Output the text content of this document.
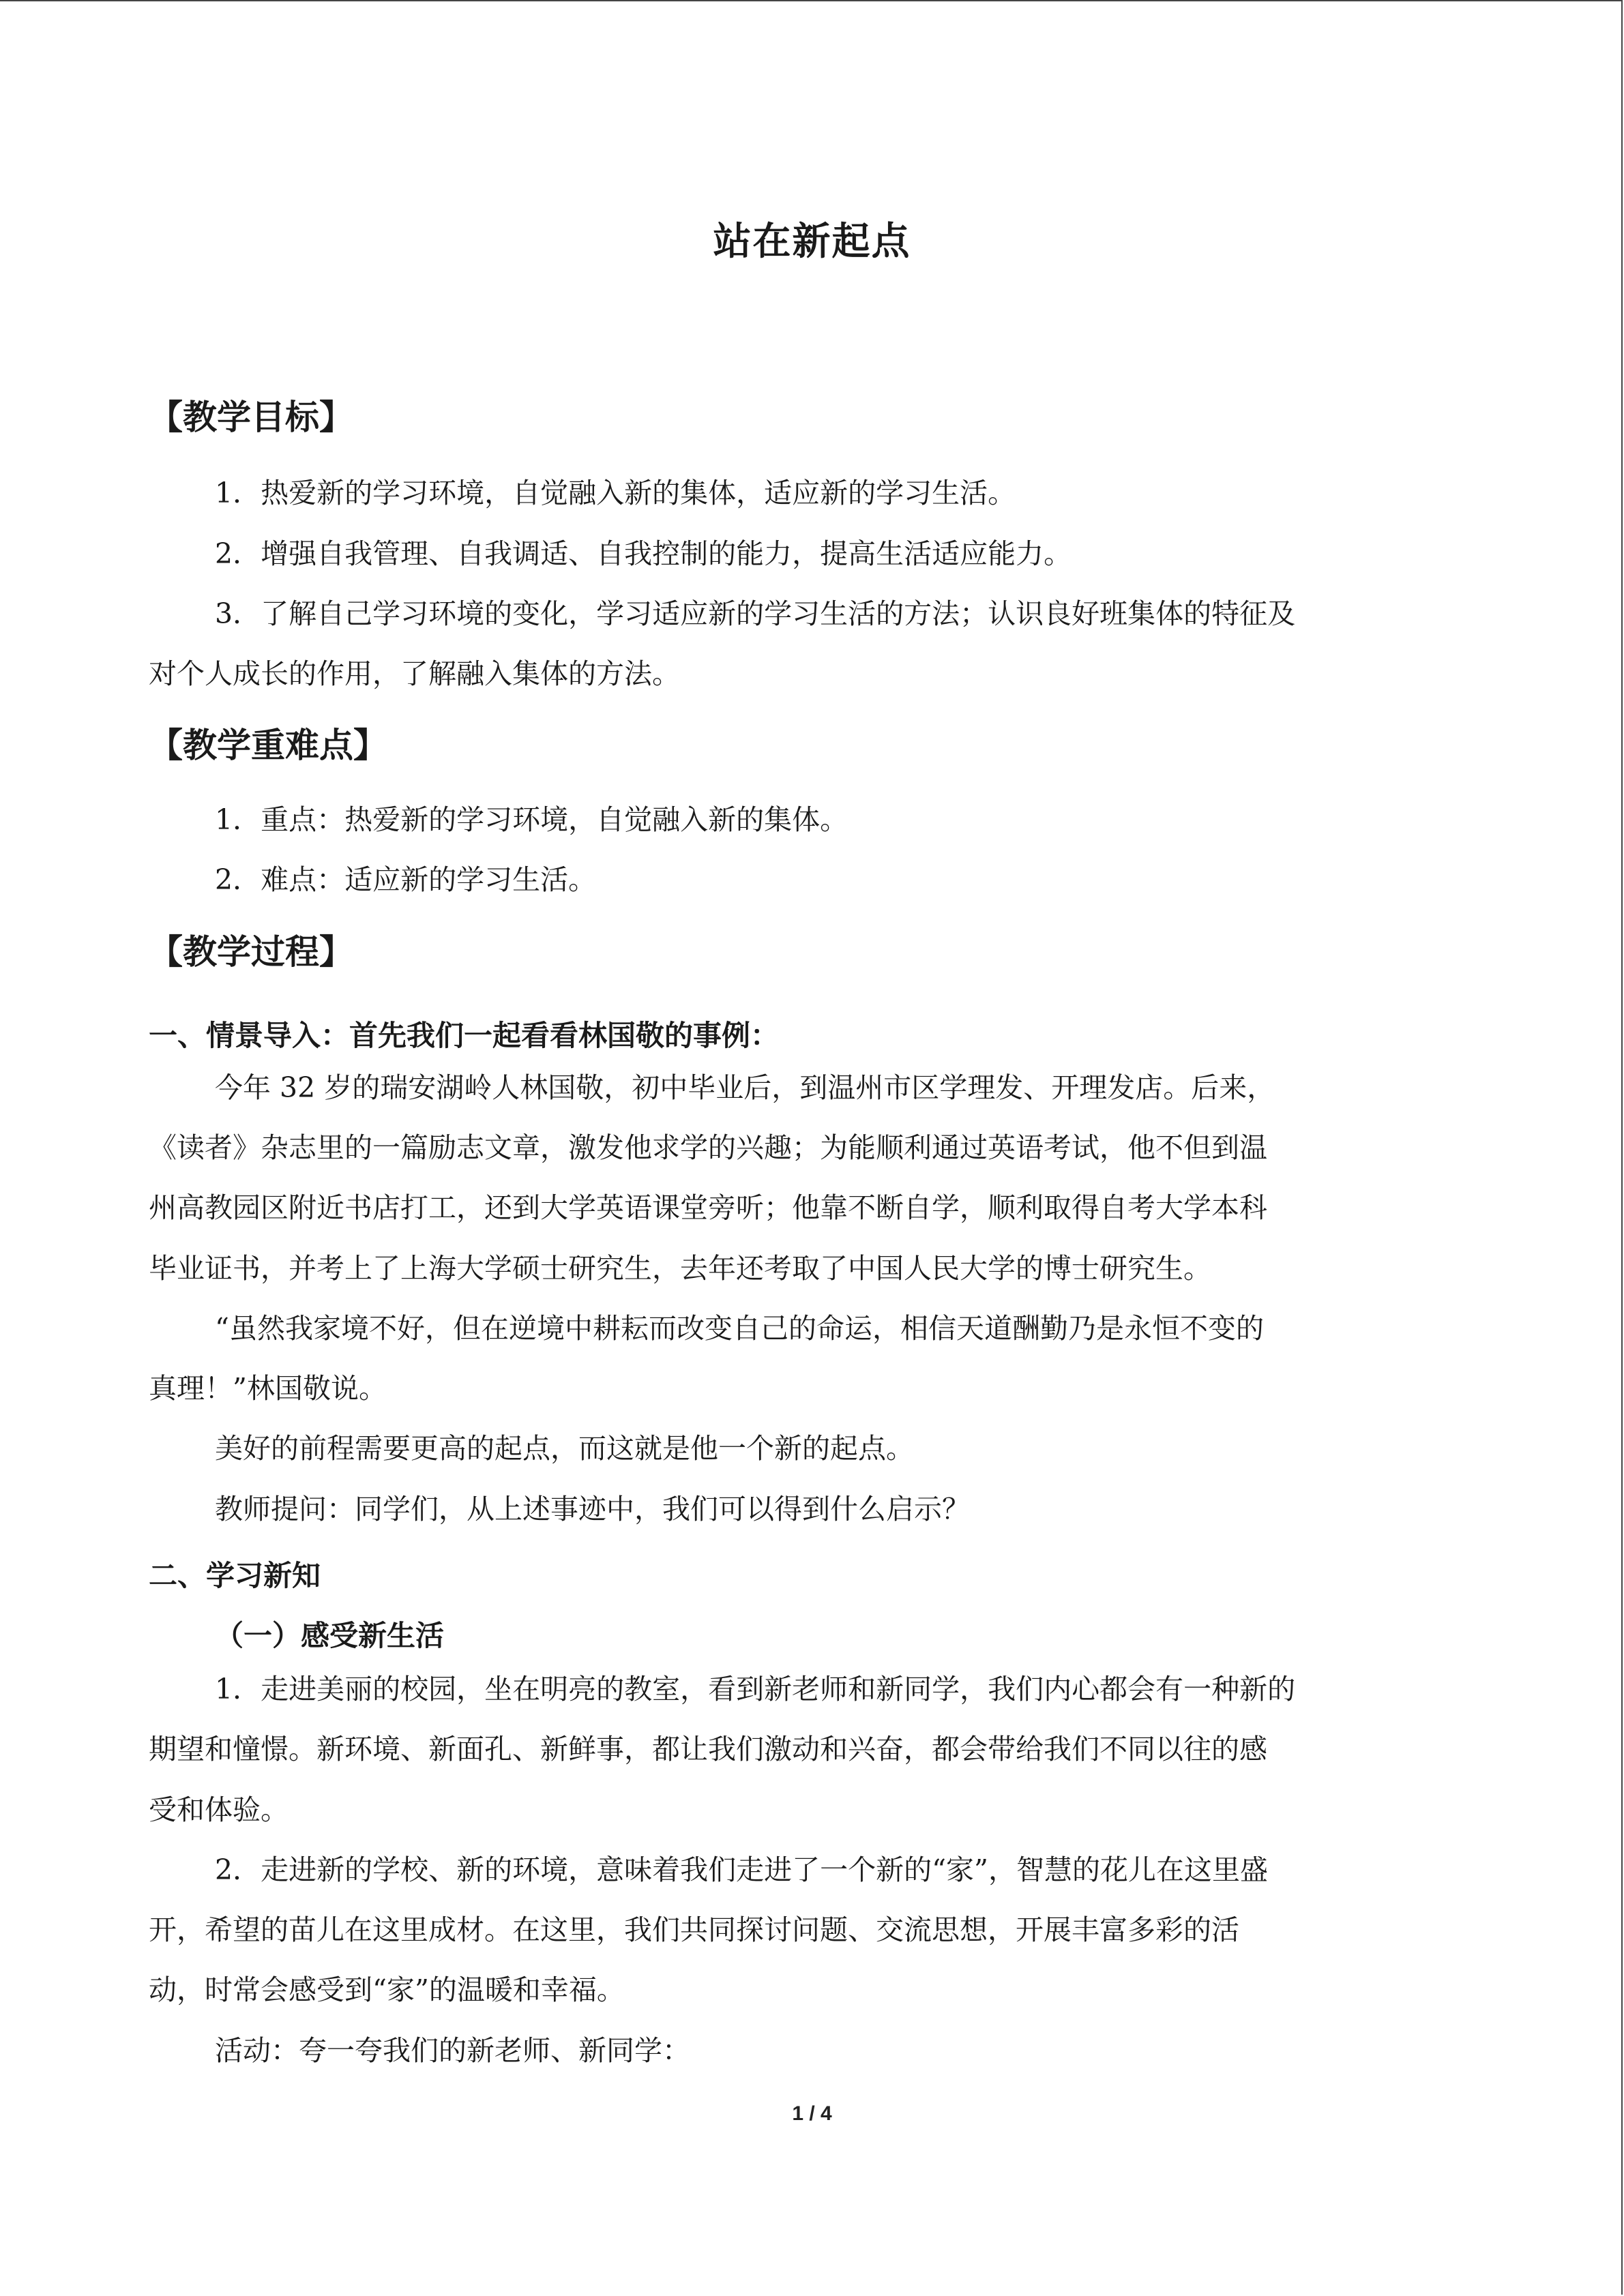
站在新起点
【教学目标】
1．热爱新的学习环境，自觉融入新的集体，适应新的学习生活。
2．增强自我管理、自我调适、自我控制的能力，提高生活适应能力。
3．了解自己学习环境的变化，学习适应新的学习生活的方法；认识良好班集体的特征及
对个人成长的作用，了解融入集体的方法。
【教学重难点】
1．重点：热爱新的学习环境，自觉融入新的集体。
2．难点：适应新的学习生活。
【教学过程】
一、情景导入：首先我们一起看看林国敬的事例：
今年 32 岁的瑞安湖岭人林国敬，初中毕业后，到温州市区学理发、开理发店。后来，
《读者》杂志里的一篇励志文章，激发他求学的兴趣；为能顺利通过英语考试，他不但到温
州高教园区附近书店打工，还到大学英语课堂旁听；他靠不断自学，顺利取得自考大学本科
毕业证书，并考上了上海大学硕士研究生，去年还考取了中国人民大学的博士研究生。
“虽然我家境不好，但在逆境中耕耘而改变自己的命运，相信天道酬勤乃是永恒不变的
真理！”林国敬说。
美好的前程需要更高的起点，而这就是他一个新的起点。
教师提问：同学们，从上述事迹中，我们可以得到什么启示？
二、学习新知
（一）感受新生活
1．走进美丽的校园，坐在明亮的教室，看到新老师和新同学，我们内心都会有一种新的
期望和憧憬。新环境、新面孔、新鲜事，都让我们激动和兴奋，都会带给我们不同以往的感
受和体验。
2．走进新的学校、新的环境，意味着我们走进了一个新的“家”，智慧的花儿在这里盛
开，希望的苗儿在这里成材。在这里，我们共同探讨问题、交流思想，开展丰富多彩的活
动，时常会感受到“家”的温暖和幸福。
活动：夸一夸我们的新老师、新同学：
1 / 4
